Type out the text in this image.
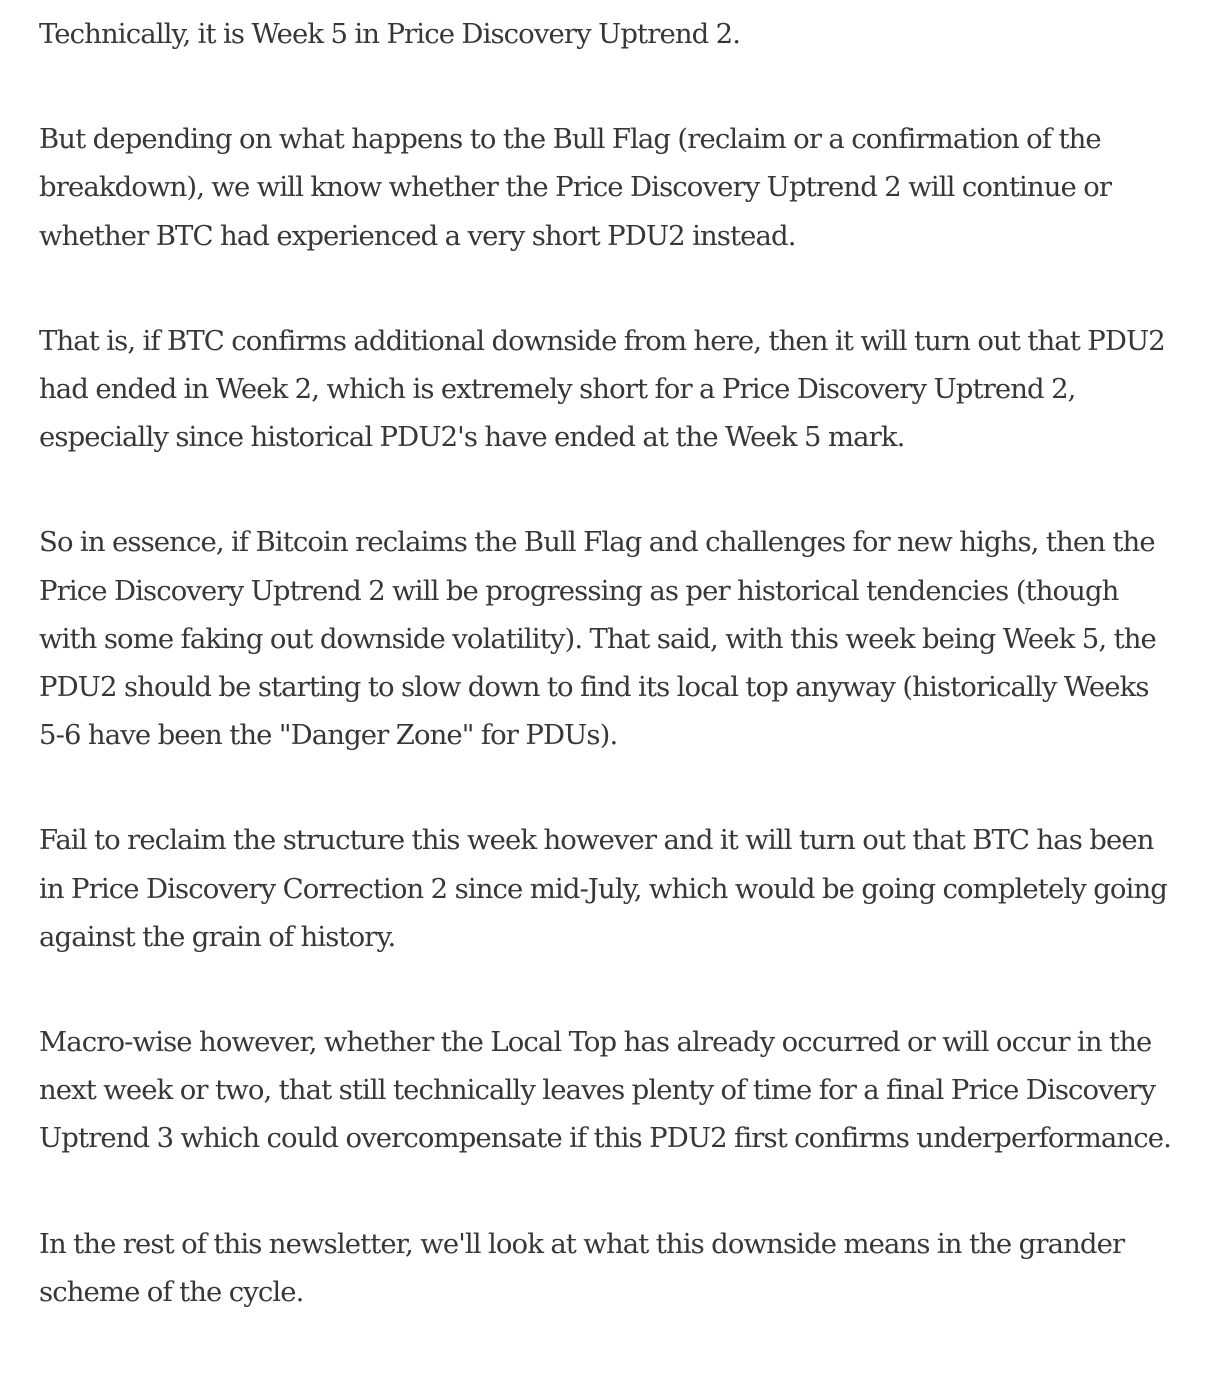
Technically, it is Week 5 in Price Discovery Uptrend 2.

But depending on what happens to the Bull Flag (reclaim or a confirmation of the breakdown), we will know whether the Price Discovery Uptrend 2 will continue or whether BTC had experienced a very short PDU2 instead.

That is, if BTC confirms additional downside from here, then it will turn out that PDU2 had ended in Week 2, which is extremely short for a Price Discovery Uptrend 2, especially since historical PDU2's have ended at the Week 5 mark.

So in essence, if Bitcoin reclaims the Bull Flag and challenges for new highs, then the Price Discovery Uptrend 2 will be progressing as per historical tendencies (though with some faking out downside volatility). That said, with this week being Week 5, the PDU2 should be starting to slow down to find its local top anyway (historically Weeks 5-6 have been the "Danger Zone" for PDUs).

Fail to reclaim the structure this week however and it will turn out that BTC has been in Price Discovery Correction 2 since mid-July, which would be going completely going against the grain of history.

Macro-wise however, whether the Local Top has already occurred or will occur in the next week or two, that still technically leaves plenty of time for a final Price Discovery Uptrend 3 which could overcompensate if this PDU2 first confirms underperformance.

In the rest of this newsletter, we'll look at what this downside means in the grander scheme of the cycle.
